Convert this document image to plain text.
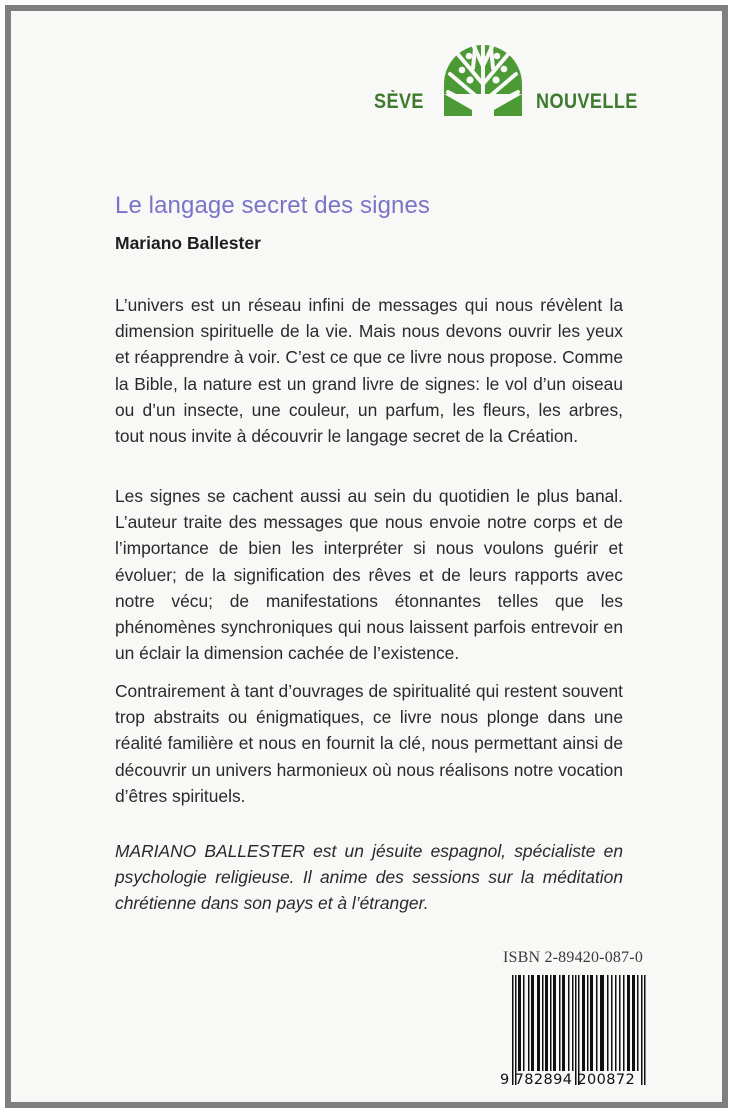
SÈVE	NOUVELLE
Le langage secret des signes
Mariano Ballester

L’univers est un réseau infini de messages qui nous révèlent la dimension spirituelle de la vie. Mais nous devons ouvrir les yeux et réapprendre à voir. C’est ce que ce livre nous propose. Comme la Bible, la nature est un grand livre de signes: le vol d’un oiseau ou d’un insecte, une couleur, un parfum, les fleurs, les arbres, tout nous invite à découvrir le langage secret de la Création.

Les signes se cachent aussi au sein du quotidien le plus banal. L’auteur traite des messages que nous envoie notre corps et de l’importance de bien les interpréter si nous voulons guérir et évoluer; de la signification des rêves et de leurs rapports avec notre vécu; de manifestations étonnantes telles que les phénomènes synchroniques qui nous laissent parfois entrevoir en un éclair la dimension cachée de l’existence.

Contrairement à tant d’ouvrages de spiritualité qui restent souvent trop abstraits ou énigmatiques, ce livre nous plonge dans une réalité familière et nous en fournit la clé, nous permettant ainsi de découvrir un univers harmonieux où nous réalisons notre vocation d’êtres spirituels.

MARIANO BALLESTER est un jésuite espagnol, spécialiste en psychologie religieuse. Il anime des sessions sur la méditation chrétienne dans son pays et à l’étranger.

ISBN 2-89420-087-0
9 782894 200872
